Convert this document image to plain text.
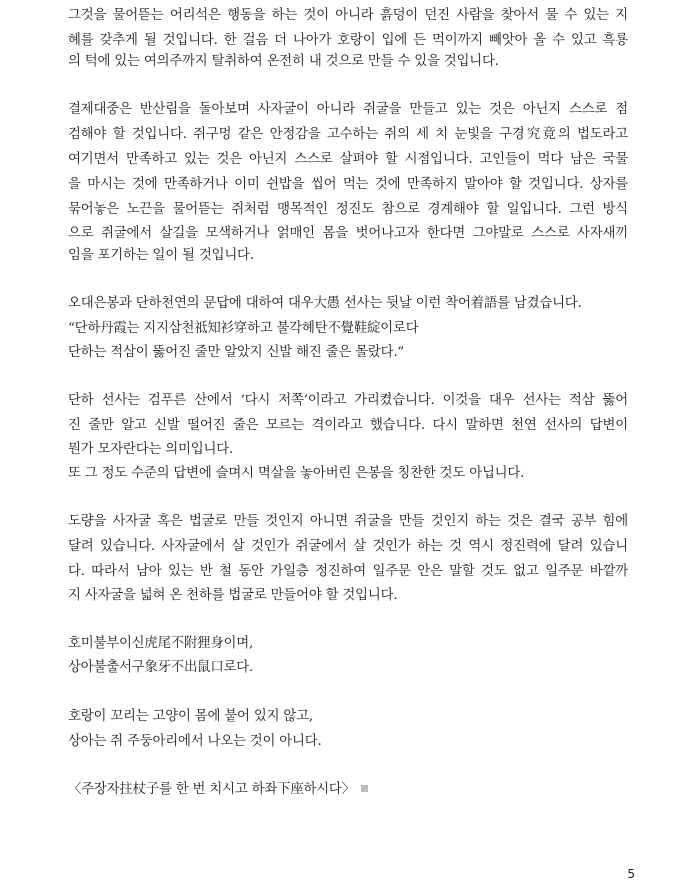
그것을 물어뜯는 어리석은 행동을 하는 것이 아니라 흙덩이 던진 사람을 찾아서 물 수 있는 지
혜를 갖추게 될 것입니다. 한 걸음 더 나아가 호랑이 입에 든 먹이까지 빼앗아 올 수 있고 흑룡
의 턱에 있는 여의주까지 탈취하여 온전히 내 것으로 만들 수 있을 것입니다.
결제대중은 반산림을 돌아보며 사자굴이 아니라 쥐굴을 만들고 있는 것은 아닌지 스스로 점
검해야 할 것입니다. 쥐구멍 같은 안정감을 고수하는 쥐의 세 치 눈빛을 구경究竟의 법도라고
여기면서 만족하고 있는 것은 아닌지 스스로 살펴야 할 시점입니다. 고인들이 먹다 남은 국물
을 마시는 것에 만족하거나 이미 쉰밥을 씹어 먹는 것에 만족하지 말아야 할 것입니다. 상자를
묶어놓은 노끈을 물어뜯는 쥐처럼 맹목적인 정진도 참으로 경계해야 할 일입니다. 그런 방식
으로 쥐굴에서 살길을 모색하거나 얽매인 몸을 벗어나고자 한다면 그야말로 스스로 사자새끼
임을 포기하는 일이 될 것입니다.
오대은봉과 단하천연의 문답에 대하여 대우大愚 선사는 뒷날 이런 착어着語를 남겼습니다.
“단하丹霞는 지지삼천祗知衫穿하고 불각혜탄不覺鞋綻이로다
단하는 적삼이 뚫어진 줄만 알았지 신발 해진 줄은 몰랐다.”
단하 선사는 검푸른 산에서 ‘다시 저쪽’이라고 가리켰습니다. 이것을 대우 선사는 적삼 뚫어
진 줄만 알고 신발 떨어진 줄은 모르는 격이라고 했습니다. 다시 말하면 천연 선사의 답변이
뭔가 모자란다는 의미입니다.
또 그 정도 수준의 답변에 슬며시 멱살을 놓아버린 은봉을 칭찬한 것도 아닙니다.
도량을 사자굴 혹은 법굴로 만들 것인지 아니면 쥐굴을 만들 것인지 하는 것은 결국 공부 힘에
달려 있습니다. 사자굴에서 살 것인가 쥐굴에서 살 것인가 하는 것 역시 정진력에 달려 있습니
다. 따라서 남아 있는 반 철 동안 가일층 정진하여 일주문 안은 말할 것도 없고 일주문 바깥까
지 사자굴을 넓혀 온 천하를 법굴로 만들어야 할 것입니다.
호미불부이신虎尾不附狸身이며,
상아불출서구象牙不出鼠口로다.
호랑이 꼬리는 고양이 몸에 붙어 있지 않고,
상아는 쥐 주둥아리에서 나오는 것이 아니다.
〈주장자拄杖子를 한 번 치시고 하좌下座하시다〉
5
